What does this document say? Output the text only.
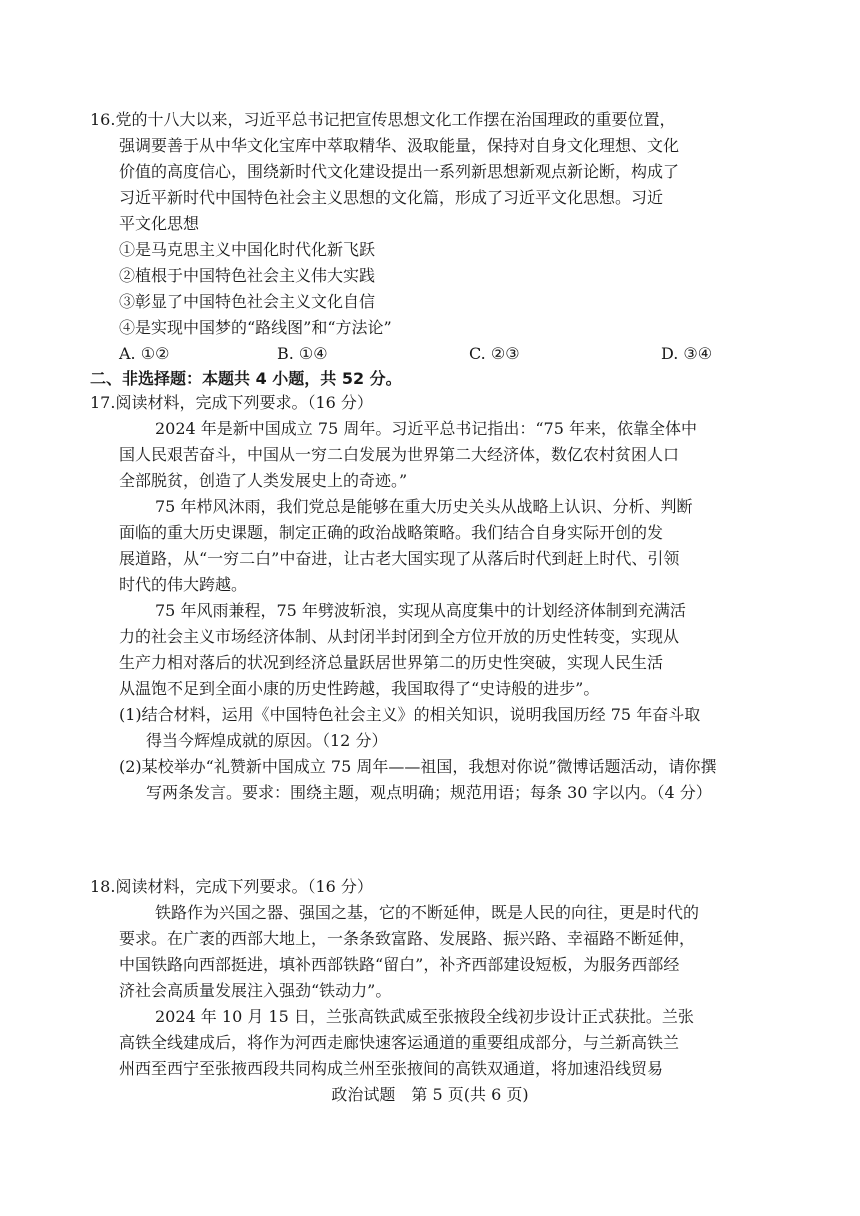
16.党的十八大以来，习近平总书记把宣传思想文化工作摆在治国理政的重要位置，
强调要善于从中华文化宝库中萃取精华、汲取能量，保持对自身文化理想、文化
价值的高度信心，围绕新时代文化建设提出一系列新思想新观点新论断，构成了
习近平新时代中国特色社会主义思想的文化篇，形成了习近平文化思想。习近
平文化思想
①是马克思主义中国化时代化新飞跃
②植根于中国特色社会主义伟大实践
③彰显了中国特色社会主义文化自信
④是实现中国梦的“路线图”和“方法论”
A. ①②	B. ①④	C. ②③	D. ③④
二、非选择题：本题共 4 小题，共 52 分。
17.阅读材料，完成下列要求。（16 分）
2024 年是新中国成立 75 周年。习近平总书记指出：“75 年来，依靠全体中
国人民艰苦奋斗，中国从一穷二白发展为世界第二大经济体，数亿农村贫困人口
全部脱贫，创造了人类发展史上的奇迹。”
75 年栉风沐雨，我们党总是能够在重大历史关头从战略上认识、分析、判断
面临的重大历史课题，制定正确的政治战略策略。我们结合自身实际开创的发
展道路，从“一穷二白”中奋进，让古老大国实现了从落后时代到赶上时代、引领
时代的伟大跨越。
75 年风雨兼程，75 年劈波斩浪，实现从高度集中的计划经济体制到充满活
力的社会主义市场经济体制、从封闭半封闭到全方位开放的历史性转变，实现从
生产力相对落后的状况到经济总量跃居世界第二的历史性突破，实现人民生活
从温饱不足到全面小康的历史性跨越，我国取得了“史诗般的进步”。
(1)结合材料，运用《中国特色社会主义》的相关知识，说明我国历经 75 年奋斗取
得当今辉煌成就的原因。（12 分）
(2)某校举办“礼赞新中国成立 75 周年——祖国，我想对你说”微博话题活动，请你撰
写两条发言。要求：围绕主题，观点明确；规范用语；每条 30 字以内。（4 分）
18.阅读材料，完成下列要求。（16 分）
铁路作为兴国之器、强国之基，它的不断延伸，既是人民的向往，更是时代的
要求。在广袤的西部大地上，一条条致富路、发展路、振兴路、幸福路不断延伸，
中国铁路向西部挺进，填补西部铁路“留白”，补齐西部建设短板，为服务西部经
济社会高质量发展注入强劲“铁动力”。
2024 年 10 月 15 日，兰张高铁武威至张掖段全线初步设计正式获批。兰张
高铁全线建成后，将作为河西走廊快速客运通道的重要组成部分，与兰新高铁兰
州西至西宁至张掖西段共同构成兰州至张掖间的高铁双通道，将加速沿线贸易
政治试题　第 5 页(共 6 页)
